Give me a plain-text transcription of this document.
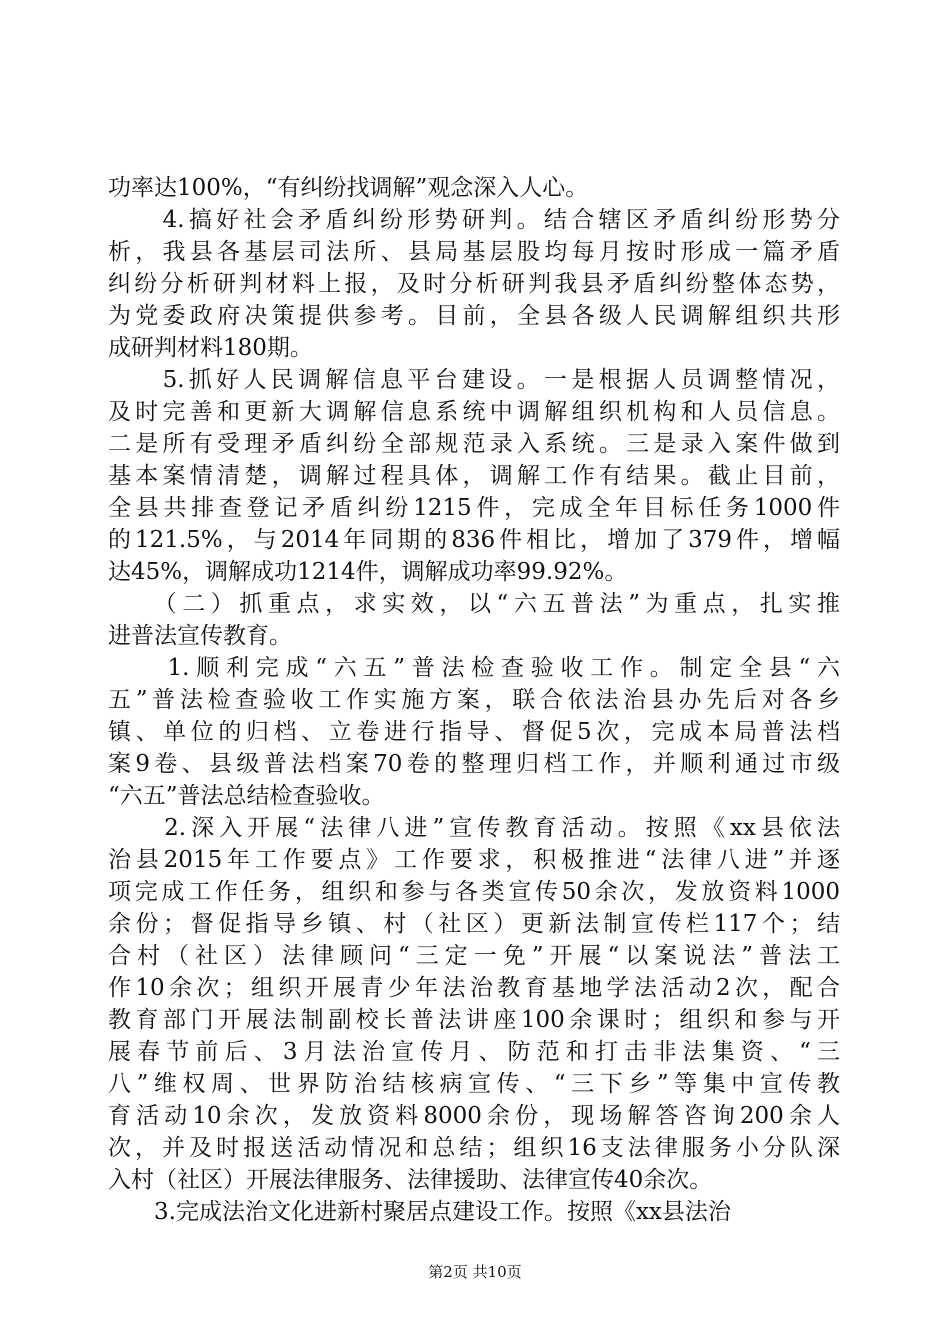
功率达100%，“有纠纷找调解”观念深入人心。
　　4.搞好社会矛盾纠纷形势研判。结合辖区矛盾纠纷形势分
析，我县各基层司法所、县局基层股均每月按时形成一篇矛盾
纠纷分析研判材料上报，及时分析研判我县矛盾纠纷整体态势，
为党委政府决策提供参考。目前，全县各级人民调解组织共形
成研判材料180期。
　　5.抓好人民调解信息平台建设。一是根据人员调整情况，
及时完善和更新大调解信息系统中调解组织机构和人员信息。
二是所有受理矛盾纠纷全部规范录入系统。三是录入案件做到
基本案情清楚，调解过程具体，调解工作有结果。截止目前，
全县共排查登记矛盾纠纷1215件，完成全年目标任务1000件
的121.5%，与2014年同期的836件相比，增加了379件，增幅
达45%，调解成功1214件，调解成功率99.92%。
　　（二）抓重点，求实效，以“六五普法”为重点，扎实推
进普法宣传教育。
　　1.顺利完成“六五”普法检查验收工作。制定全县“六
五”普法检查验收工作实施方案，联合依法治县办先后对各乡
镇、单位的归档、立卷进行指导、督促5次，完成本局普法档
案9卷、县级普法档案70卷的整理归档工作，并顺利通过市级
“六五”普法总结检查验收。
　　2.深入开展“法律八进”宣传教育活动。按照《xx县依法
治县2015年工作要点》工作要求，积极推进“法律八进”并逐
项完成工作任务，组织和参与各类宣传50余次，发放资料1000
余份；督促指导乡镇、村（社区）更新法制宣传栏117个；结
合村（社区）法律顾问“三定一免”开展“以案说法”普法工
作10余次；组织开展青少年法治教育基地学法活动2次，配合
教育部门开展法制副校长普法讲座100余课时；组织和参与开
展春节前后、3月法治宣传月、防范和打击非法集资、“三
八”维权周、世界防治结核病宣传、“三下乡”等集中宣传教
育活动10余次，发放资料8000余份，现场解答咨询200余人
次，并及时报送活动情况和总结；组织16支法律服务小分队深
入村（社区）开展法律服务、法律援助、法律宣传40余次。
　　3.完成法治文化进新村聚居点建设工作。按照《xx县法治
第2页 共10页
